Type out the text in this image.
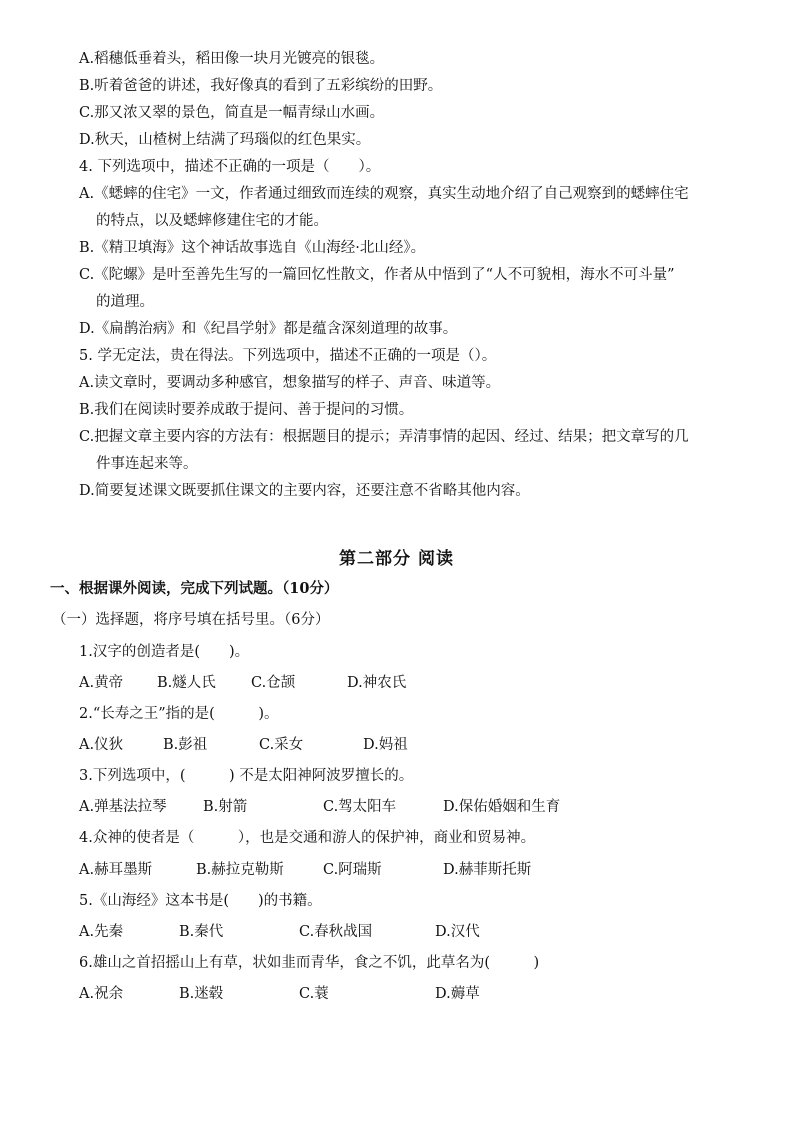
A.稻穗低垂着头，稻田像一块月光镀亮的银毯。
B.听着爸爸的讲述，我好像真的看到了五彩缤纷的田野。
C.那又浓又翠的景色，简直是一幅青绿山水画。
D.秋天，山楂树上结满了玛瑙似的红色果实。
4. 下列选项中，描述不正确的一项是（　　）。
A.《蟋蟀的住宅》一文，作者通过细致而连续的观察，真实生动地介绍了自己观察到的蟋蟀住宅
的特点，以及蟋蟀修建住宅的才能。
B.《精卫填海》这个神话故事选自《山海经·北山经》。
C.《陀螺》是叶至善先生写的一篇回忆性散文，作者从中悟到了“人不可貌相，海水不可斗量”
的道理。
D.《扁鹊治病》和《纪昌学射》都是蕴含深刻道理的故事。
5. 学无定法，贵在得法。下列选项中，描述不正确的一项是（）。
A.读文章时，要调动多种感官，想象描写的样子、声音、味道等。
B.我们在阅读时要养成敢于提问、善于提问的习惯。
C.把握文章主要内容的方法有：根据题目的提示；弄清事情的起因、经过、结果；把文章写的几
件事连起来等。
D.简要复述课文既要抓住课文的主要内容，还要注意不省略其他内容。
第二部分 阅读
一、根据课外阅读，完成下列试题。（10分）
（一）选择题，将序号填在括号里。（6分）
1.汉字的创造者是(　　)。
A.黄帝 B.燧人氏 C.仓颉	D.神农氏
2.“长寿之王”指的是(　　　)。
A.仪狄	B.彭祖	C.采女	D.妈祖
3.下列选项中，(　　　) 不是太阳神阿波罗擅长的。
A.弹基法拉琴	B.射箭	C.驾太阳车	D.保佑婚姻和生育
4.众神的使者是（　　　），也是交通和游人的保护神，商业和贸易神。
A.赫耳墨斯	B.赫拉克勒斯	C.阿瑞斯	D.赫菲斯托斯
5.《山海经》这本书是(　　)的书籍。
A.先秦	B.秦代	C.春秋战国	D.汉代
6.雄山之首招摇山上有草，状如韭而青华，食之不饥，此草名为(　　　)
A.祝余	B.迷毂	C.蓑	D.薅草
